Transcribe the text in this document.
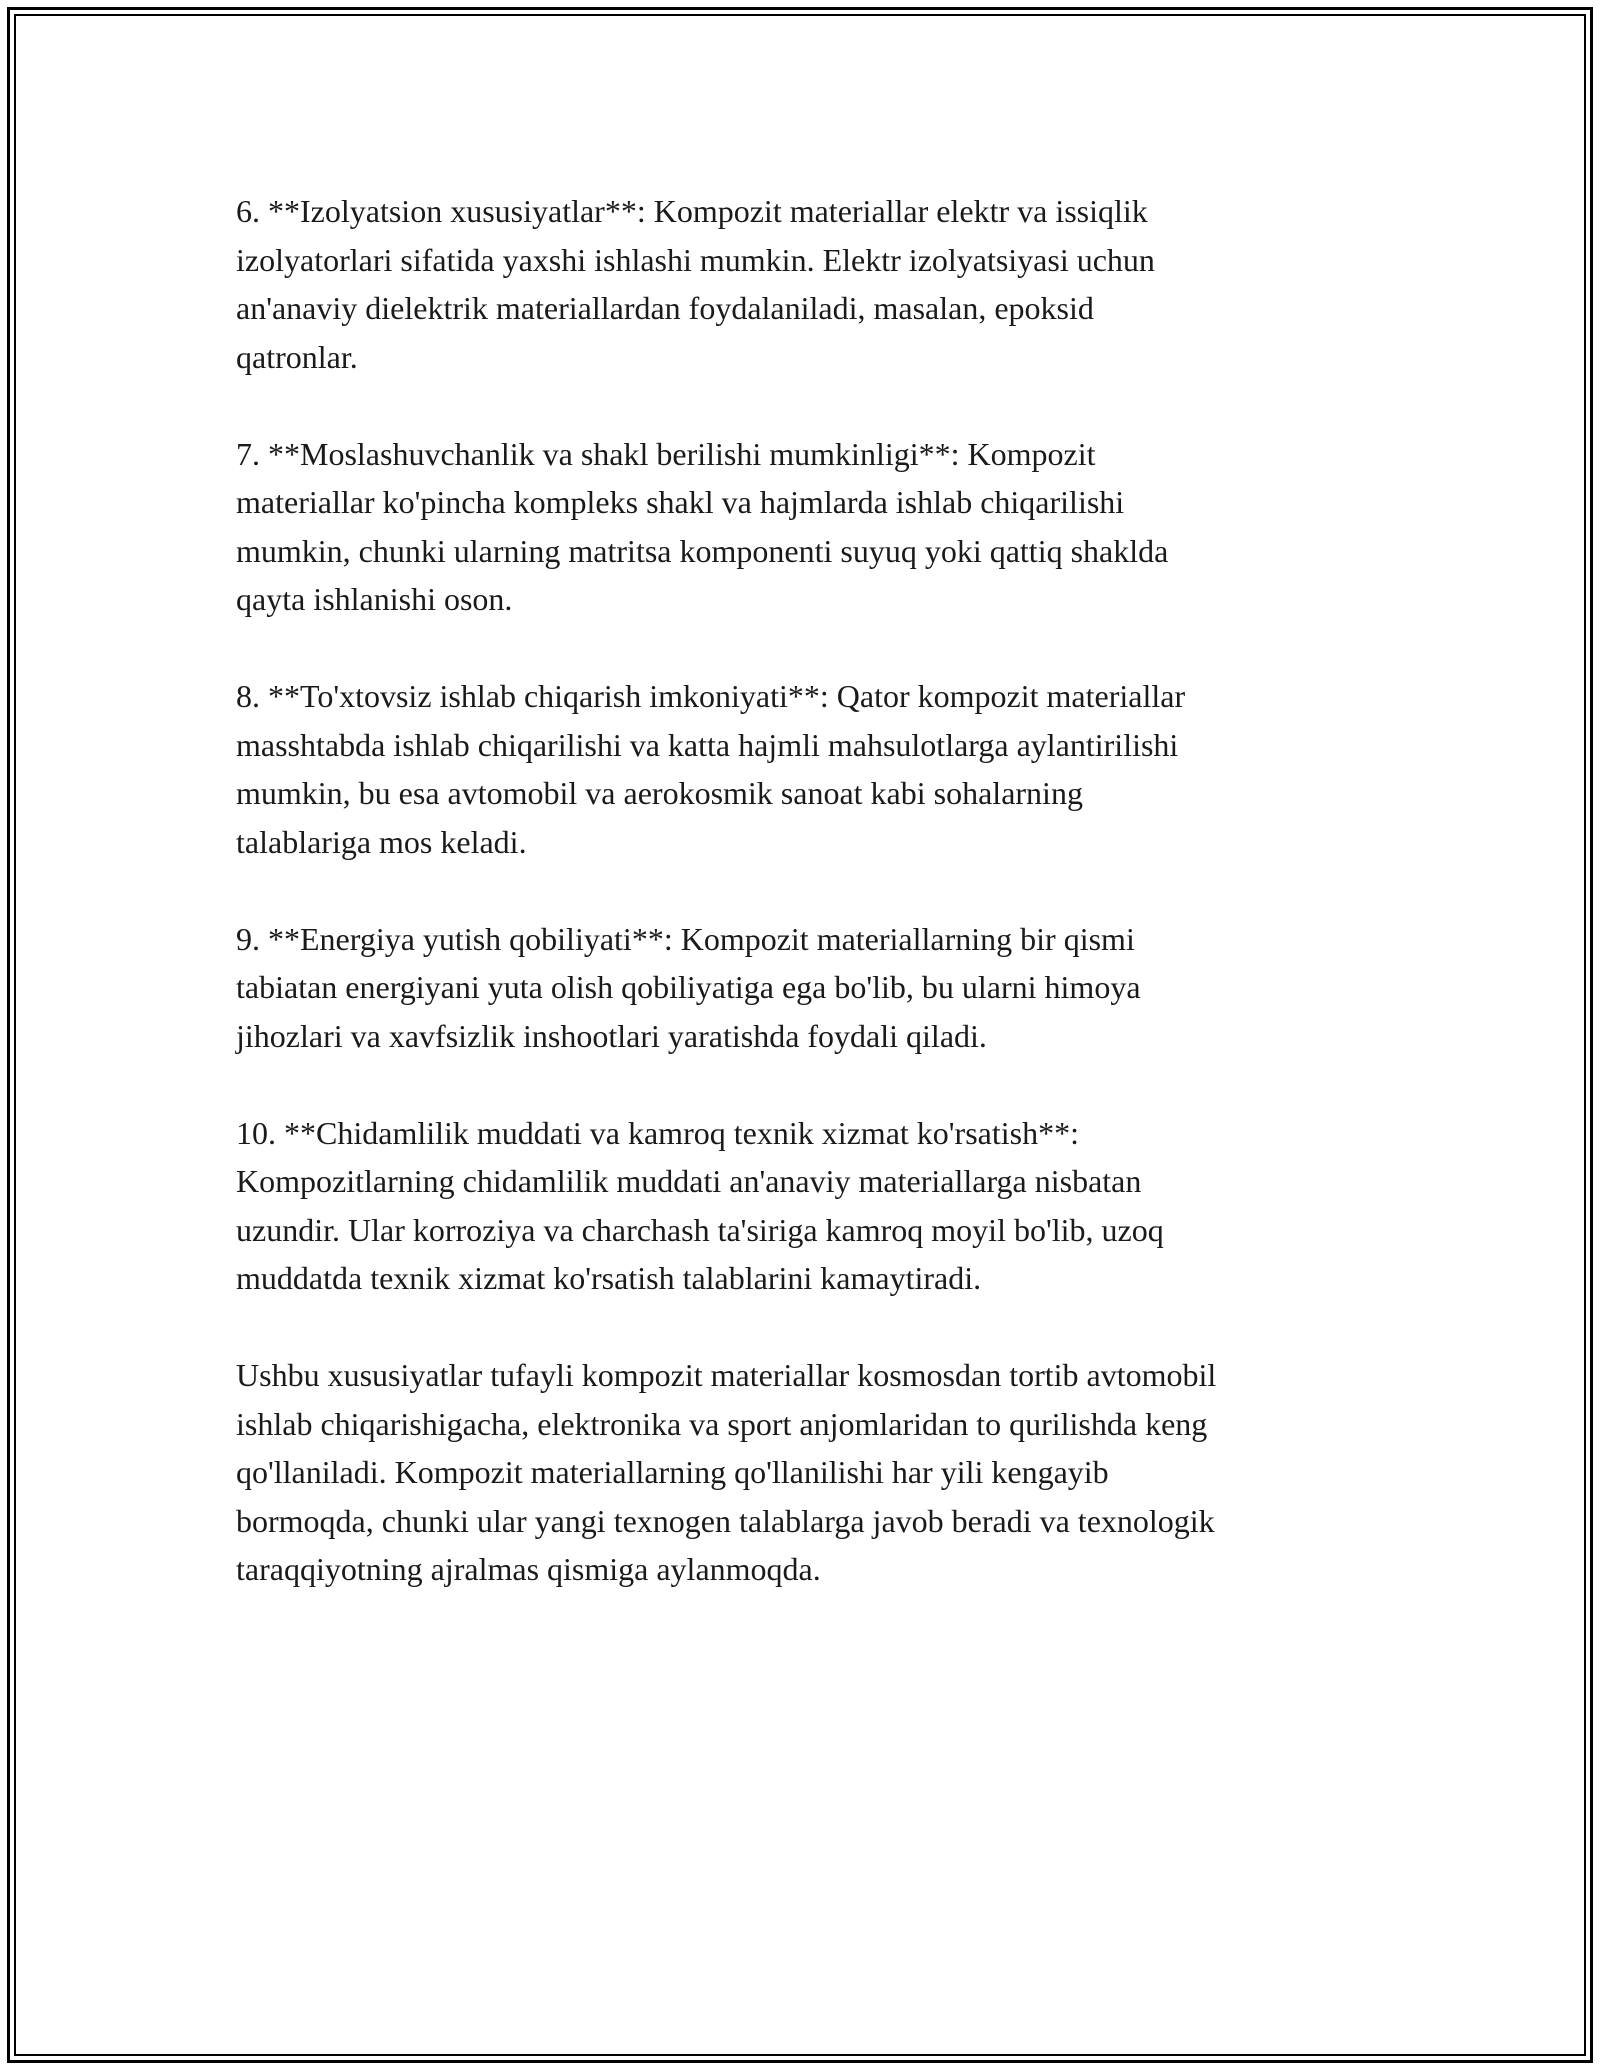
6. **Izolyatsion xususiyatlar**: Kompozit materiallar elektr va issiqlik
izolyatorlari sifatida yaxshi ishlashi mumkin. Elektr izolyatsiyasi uchun
an'anaviy dielektrik materiallardan foydalaniladi, masalan, epoksid
qatronlar.

7. **Moslashuvchanlik va shakl berilishi mumkinligi**: Kompozit
materiallar ko'pincha kompleks shakl va hajmlarda ishlab chiqarilishi
mumkin, chunki ularning matritsa komponenti suyuq yoki qattiq shaklda
qayta ishlanishi oson.

8. **To'xtovsiz ishlab chiqarish imkoniyati**: Qator kompozit materiallar
masshtabda ishlab chiqarilishi va katta hajmli mahsulotlarga aylantirilishi
mumkin, bu esa avtomobil va aerokosmik sanoat kabi sohalarning
talablariga mos keladi.

9. **Energiya yutish qobiliyati**: Kompozit materiallarning bir qismi
tabiatan energiyani yuta olish qobiliyatiga ega bo'lib, bu ularni himoya
jihozlari va xavfsizlik inshootlari yaratishda foydali qiladi.

10. **Chidamlilik muddati va kamroq texnik xizmat ko'rsatish**:
Kompozitlarning chidamlilik muddati an'anaviy materiallarga nisbatan
uzundir. Ular korroziya va charchash ta'siriga kamroq moyil bo'lib, uzoq
muddatda texnik xizmat ko'rsatish talablarini kamaytiradi.

Ushbu xususiyatlar tufayli kompozit materiallar kosmosdan tortib avtomobil
ishlab chiqarishigacha, elektronika va sport anjomlaridan to qurilishda keng
qo'llaniladi. Kompozit materiallarning qo'llanilishi har yili kengayib
bormoqda, chunki ular yangi texnogen talablarga javob beradi va texnologik
taraqqiyotning ajralmas qismiga aylanmoqda.
